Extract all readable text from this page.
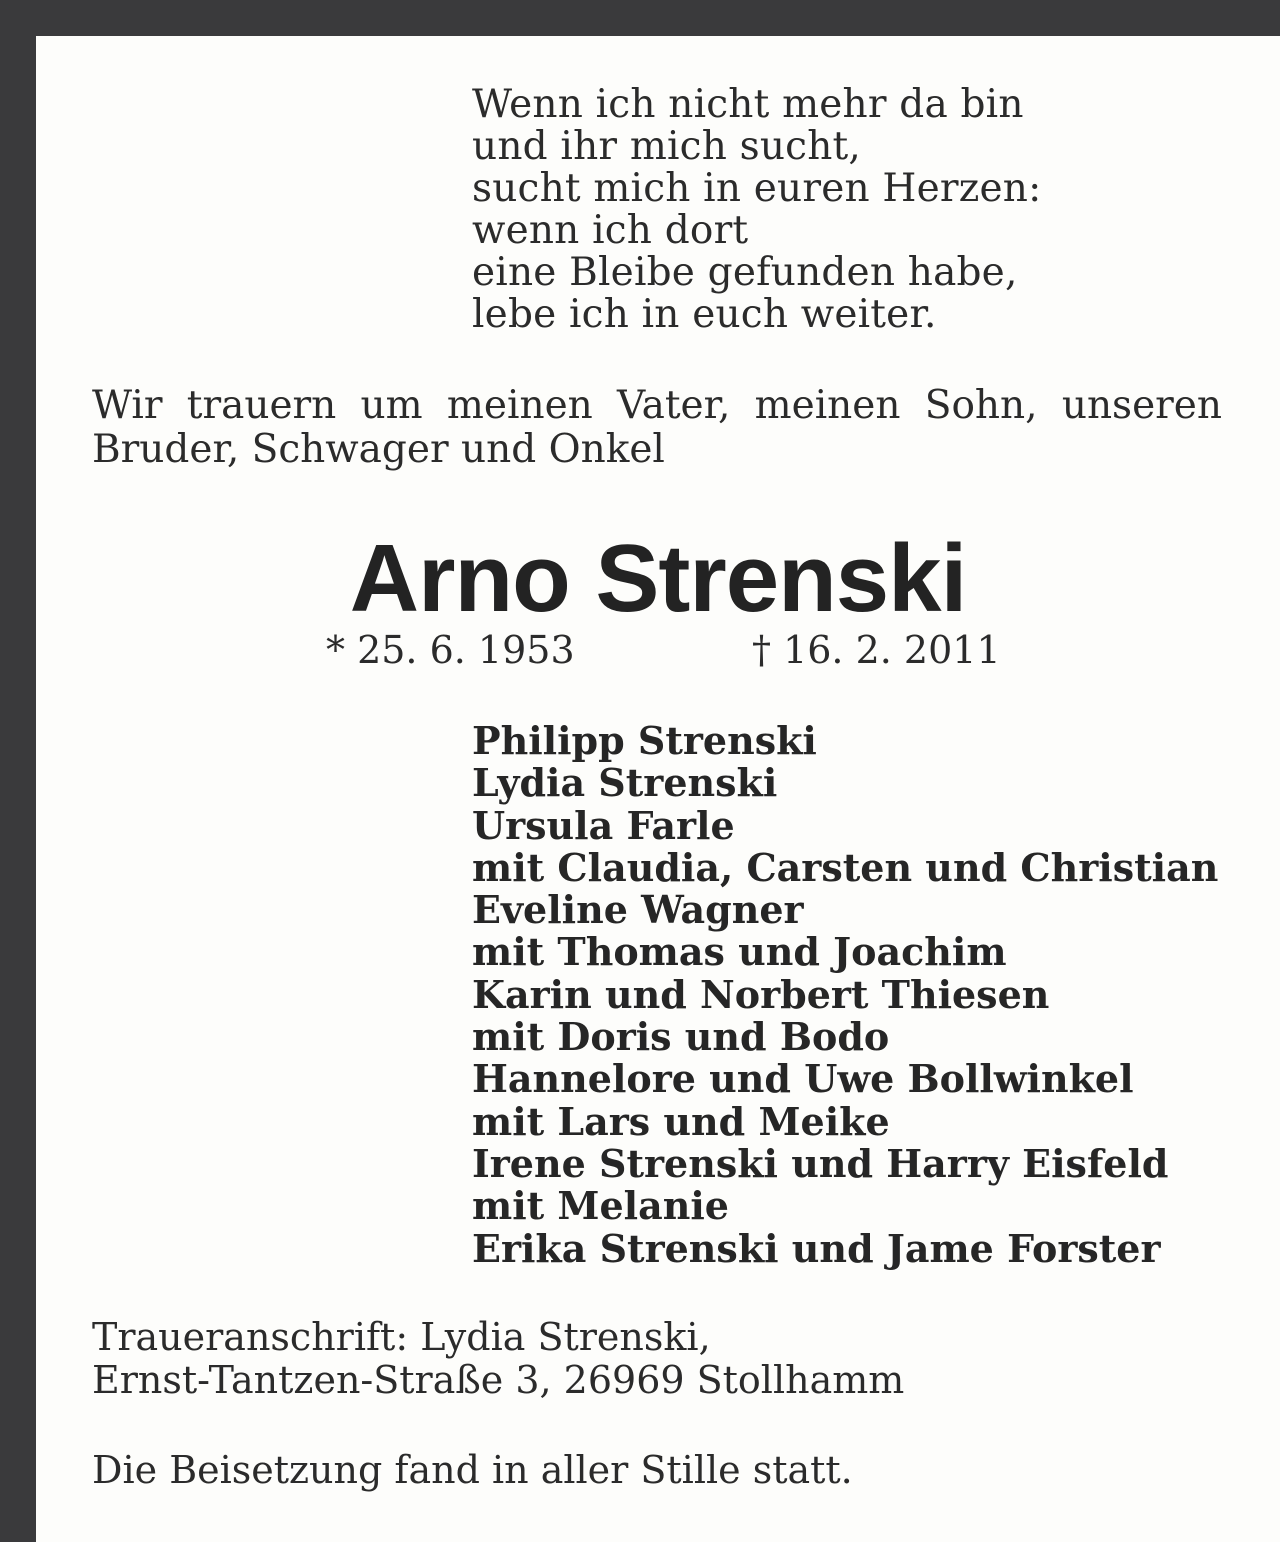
Wenn ich nicht mehr da bin
und ihr mich sucht,
sucht mich in euren Herzen:
wenn ich dort
eine Bleibe gefunden habe,
lebe ich in euch weiter.
Wir trauern um meinen Vater, meinen Sohn, unseren
Bruder, Schwager und Onkel
Arno Strenski
* 25. 6. 1953	† 16. 2. 2011
Philipp Strenski
Lydia Strenski
Ursula Farle
mit Claudia, Carsten und Christian
Eveline Wagner
mit Thomas und Joachim
Karin und Norbert Thiesen
mit Doris und Bodo
Hannelore und Uwe Bollwinkel
mit Lars und Meike
Irene Strenski und Harry Eisfeld
mit Melanie
Erika Strenski und Jame Forster
Traueranschrift: Lydia Strenski,
Ernst-Tantzen-Straße 3, 26969 Stollhamm
Die Beisetzung fand in aller Stille statt.
